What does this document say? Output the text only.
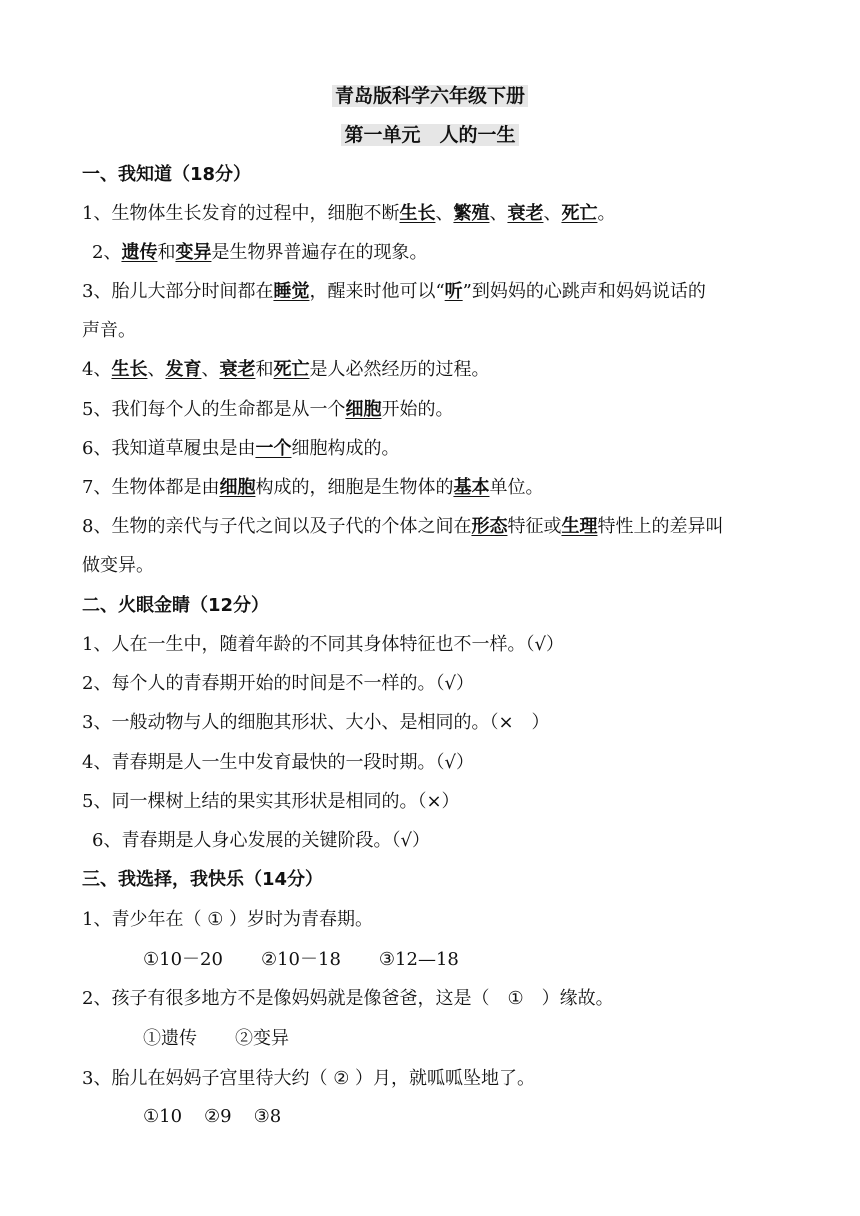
青岛版科学六年级下册
第一单元　人的一生
一、我知道（18分）
1、生物体生长发育的过程中，细胞不断生长、繁殖、衰老、死亡。
2、遗传和变异是生物界普遍存在的现象。
3、胎儿大部分时间都在睡觉，醒来时他可以“听”到妈妈的心跳声和妈妈说话的
声音。
4、生长、发育、衰老和死亡是人必然经历的过程。
5、我们每个人的生命都是从一个细胞开始的。
6、我知道草履虫是由一个细胞构成的。
7、生物体都是由细胞构成的，细胞是生物体的基本单位。
8、生物的亲代与子代之间以及子代的个体之间在形态特征或生理特性上的差异叫
做变异。
二、火眼金睛（12分）
1、人在一生中，随着年龄的不同其身体特征也不一样。（√）
2、每个人的青春期开始的时间是不一样的。（√）
3、一般动物与人的细胞其形状、大小、是相同的。（×　）
4、青春期是人一生中发育最快的一段时期。（√）
5、同一棵树上结的果实其形状是相同的。（×）
6、青春期是人身心发展的关键阶段。（√）
三、我选择，我快乐（14分）
1、青少年在（ ① ）岁时为青春期。
①10－20 ②10－18 ③12—18
2、孩子有很多地方不是像妈妈就是像爸爸，这是（　①　）缘故。
①遗传 ②变异
3、胎儿在妈妈子宫里待大约（ ② ）月，就呱呱坠地了。
①10 ②9 ③8
